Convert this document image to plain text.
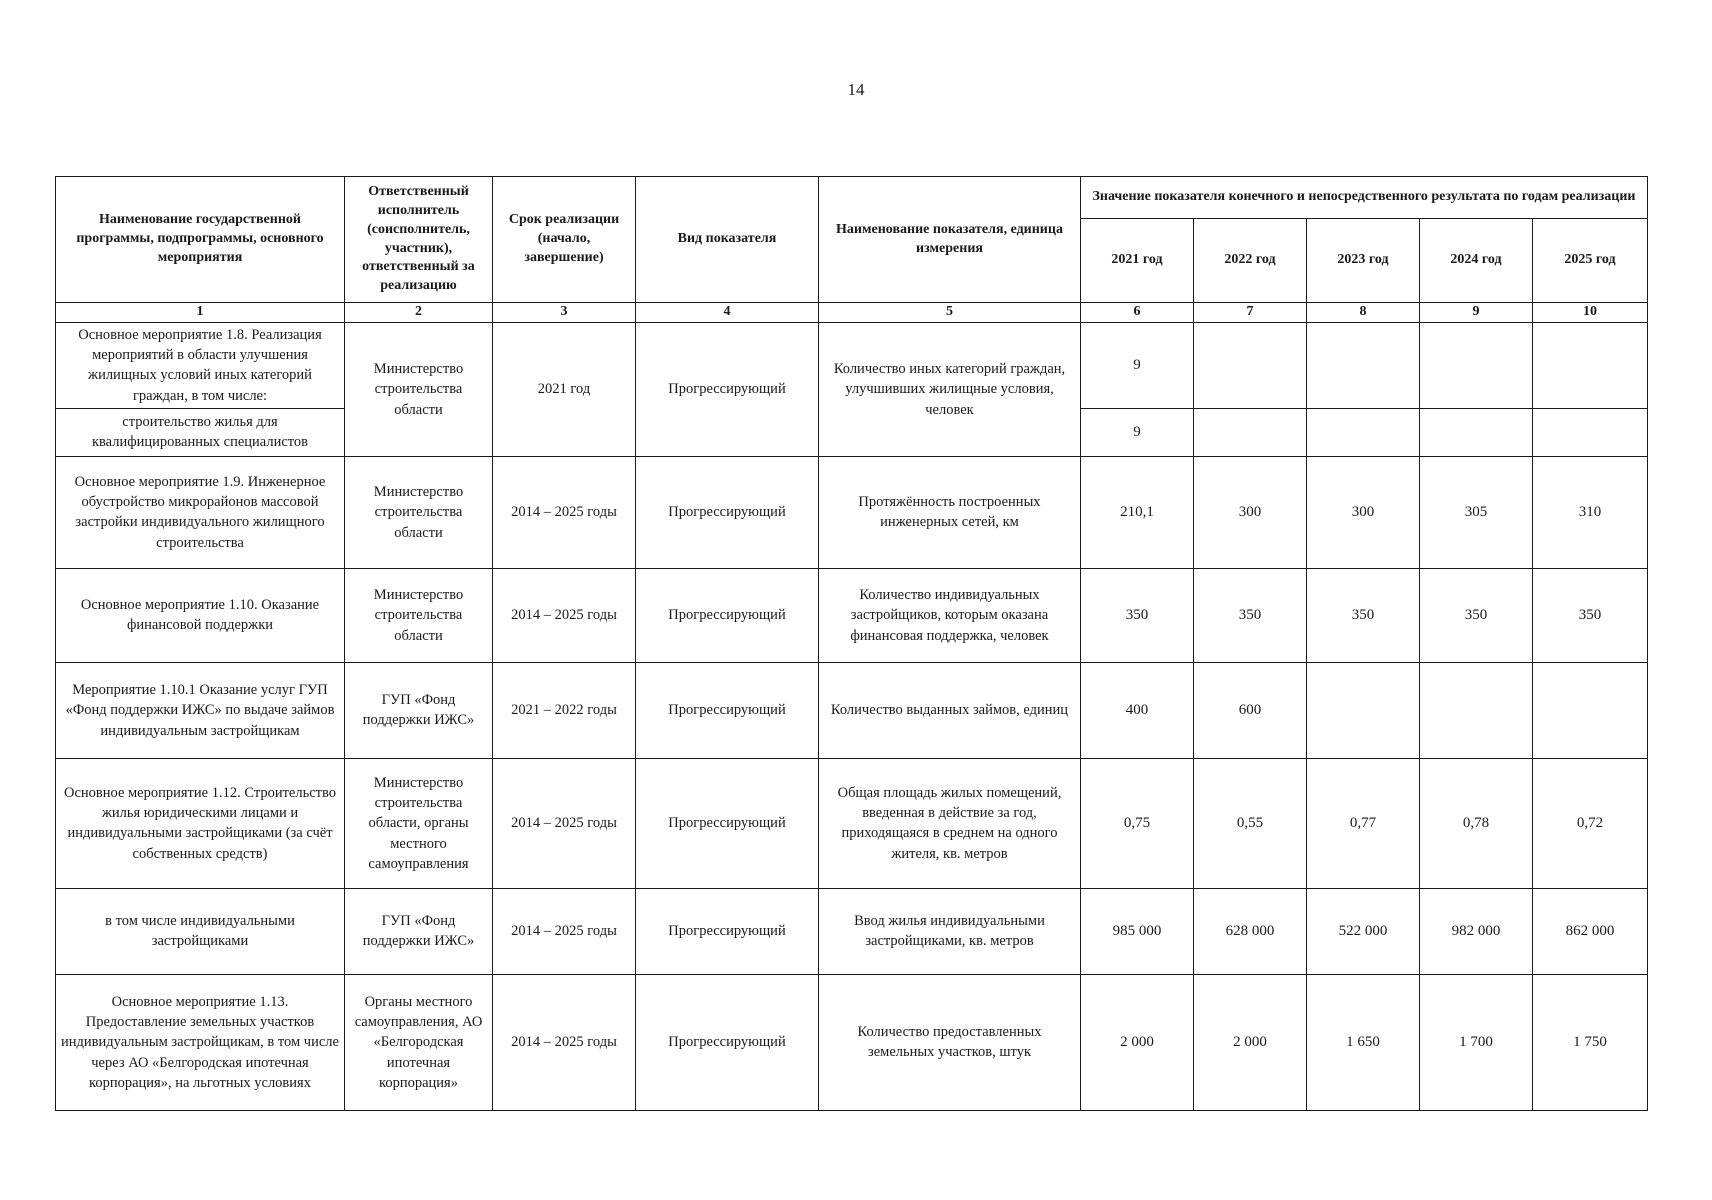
14
Наименование государственной программы, подпрограммы, основного мероприятия	Ответственный исполнитель (соисполнитель, участник), ответственный за реализацию	Срок реализации (начало, завершение)	Вид показателя	Наименование показателя, единица измерения	Значение показателя конечного и непосредственного результата по годам реализации				
					2021 год	2022 год	2023 год	2024 год	2025 год
1	2	3	4	5	6	7	8	9	10
Основное мероприятие 1.8. Реализация мероприятий в области улучшения жилищных условий иных категорий граждан, в том числе:	Министерство строительства области	2021 год	Прогрессирующий	Количество иных категорий граждан, улучшивших жилищные условия, человек	9				
строительство жилья для квалифицированных специалистов					9				
Основное мероприятие 1.9. Инженерное обустройство микрорайонов массовой застройки индивидуального жилищного строительства	Министерство строительства области	2014 – 2025 годы	Прогрессирующий	Протяжённость построенных инженерных сетей, км	210,1	300	300	305	310
Основное мероприятие 1.10. Оказание финансовой поддержки	Министерство строительства области	2014 – 2025 годы	Прогрессирующий	Количество индивидуальных застройщиков, которым оказана финансовая поддержка, человек	350	350	350	350	350
Мероприятие 1.10.1 Оказание услуг ГУП «Фонд поддержки ИЖС» по выдаче займов индивидуальным застройщикам	ГУП «Фонд поддержки ИЖС»	2021 – 2022 годы	Прогрессирующий	Количество выданных займов, единиц	400	600			
Основное мероприятие 1.12. Строительство жилья юридическими лицами и индивидуальными застройщиками (за счёт собственных средств)	Министерство строительства области, органы местного самоуправления	2014 – 2025 годы	Прогрессирующий	Общая площадь жилых помещений, введенная в действие за год, приходящаяся в среднем на одного жителя, кв. метров	0,75	0,55	0,77	0,78	0,72
в том числе индивидуальными застройщиками	ГУП «Фонд поддержки ИЖС»	2014 – 2025 годы	Прогрессирующий	Ввод жилья индивидуальными застройщиками, кв. метров	985 000	628 000	522 000	982 000	862 000
Основное мероприятие 1.13. Предоставление земельных участков индивидуальным застройщикам, в том числе через АО «Белгородская ипотечная корпорация», на льготных условиях	Органы местного самоуправления, АО «Белгородская ипотечная корпорация»	2014 – 2025 годы	Прогрессирующий	Количество предоставленных земельных участков, штук	2 000	2 000	1 650	1 700	1 750
